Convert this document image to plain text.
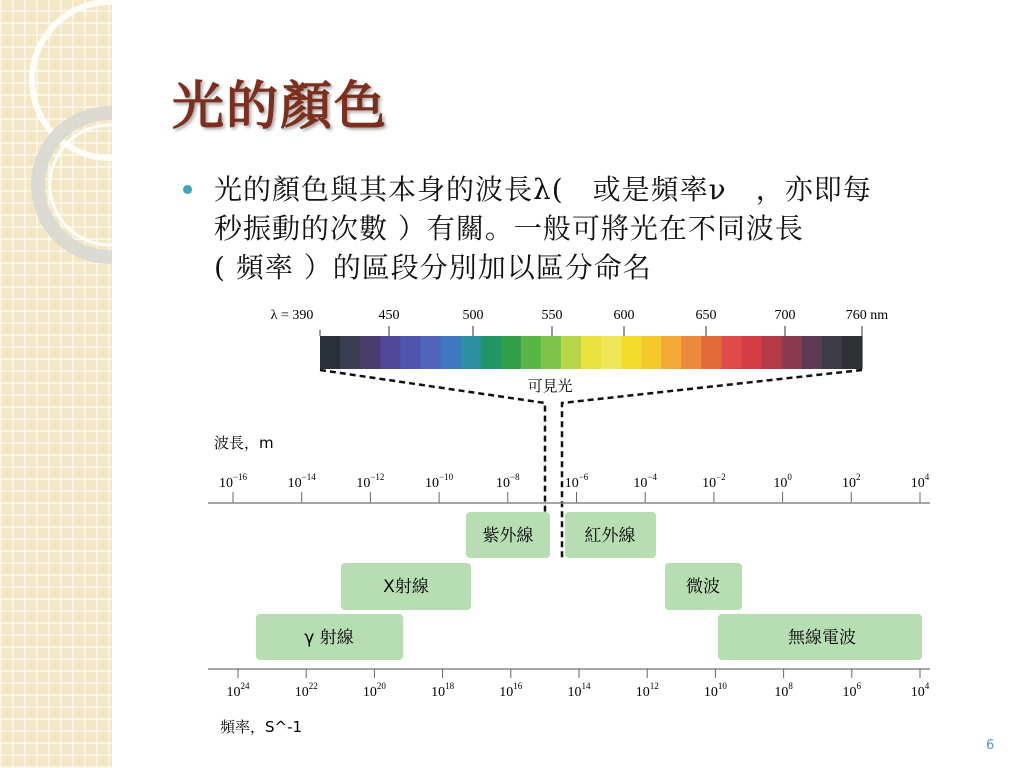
光的顏色
光的顏色與其本身的波長λ(　或是頻率ν　，亦即每
秒振動的次數 ）有關。一般可將光在不同波長
( 頻率 ）的區段分別加以區分命名
λ = 390	450	500	550	600	650	700	760 nm
可見光
波長，m
$10^{-16}$	$10^{-14}$	$10^{-12}$	$10^{-10}$	$10^{-8}$	$10^{-6}$	$10^{-4}$	$10^{-2}$	$10^0$	$10^2$	$10^4$
紫外線	紅外線
X射線	微波
γ 射線	無線電波
$10^{24}$	$10^{22}$	$10^{20}$	$10^{18}$	$10^{16}$	$10^{14}$	$10^{12}$	$10^{10}$	$10^8$	$10^6$	$10^4$
頻率，S^-1
6
